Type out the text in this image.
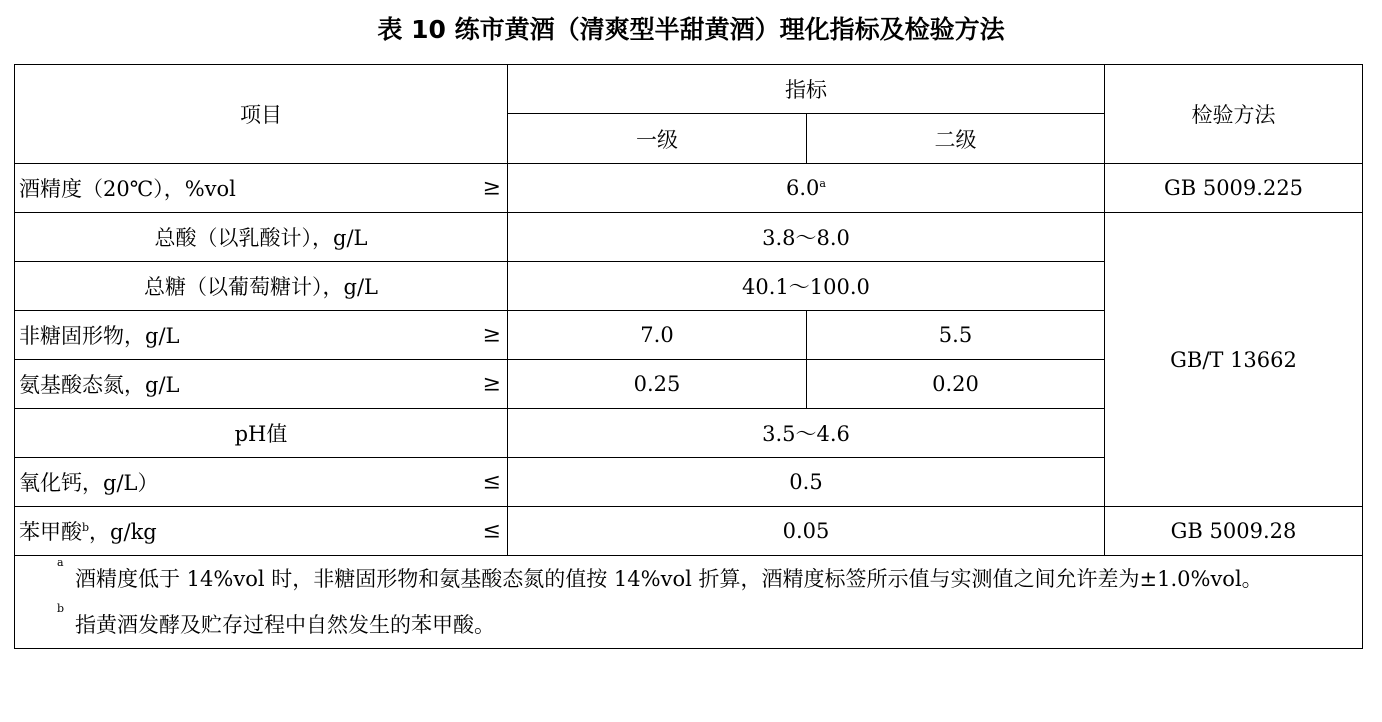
表 10 练市黄酒（清爽型半甜黄酒）理化指标及检验方法
项目	指标		检验方法
	一级	二级	
酒精度（20℃），%vol ≥	6.0$^a$		GB 5009.225
总酸（以乳酸计），g/L	3.8～8.0		GB/T 13662
总糖（以葡萄糖计），g/L	40.1～100.0		
非糖固形物，g/L ≥	7.0	5.5	
氨基酸态氮，g/L ≥	0.25	0.20	
pH值	3.5～4.6		
氧化钙，g/L） ≤	0.5		
苯甲酸$^b$，g/kg ≤	0.05		GB 5009.28

a
酒精度低于 14%vol 时，非糖固形物和氨基酸态氮的值按 14%vol 折算，酒精度标签所示值与实测值之间允许差为±1.0%vol。
b
指黄酒发酵及贮存过程中自然发生的苯甲酸。			
